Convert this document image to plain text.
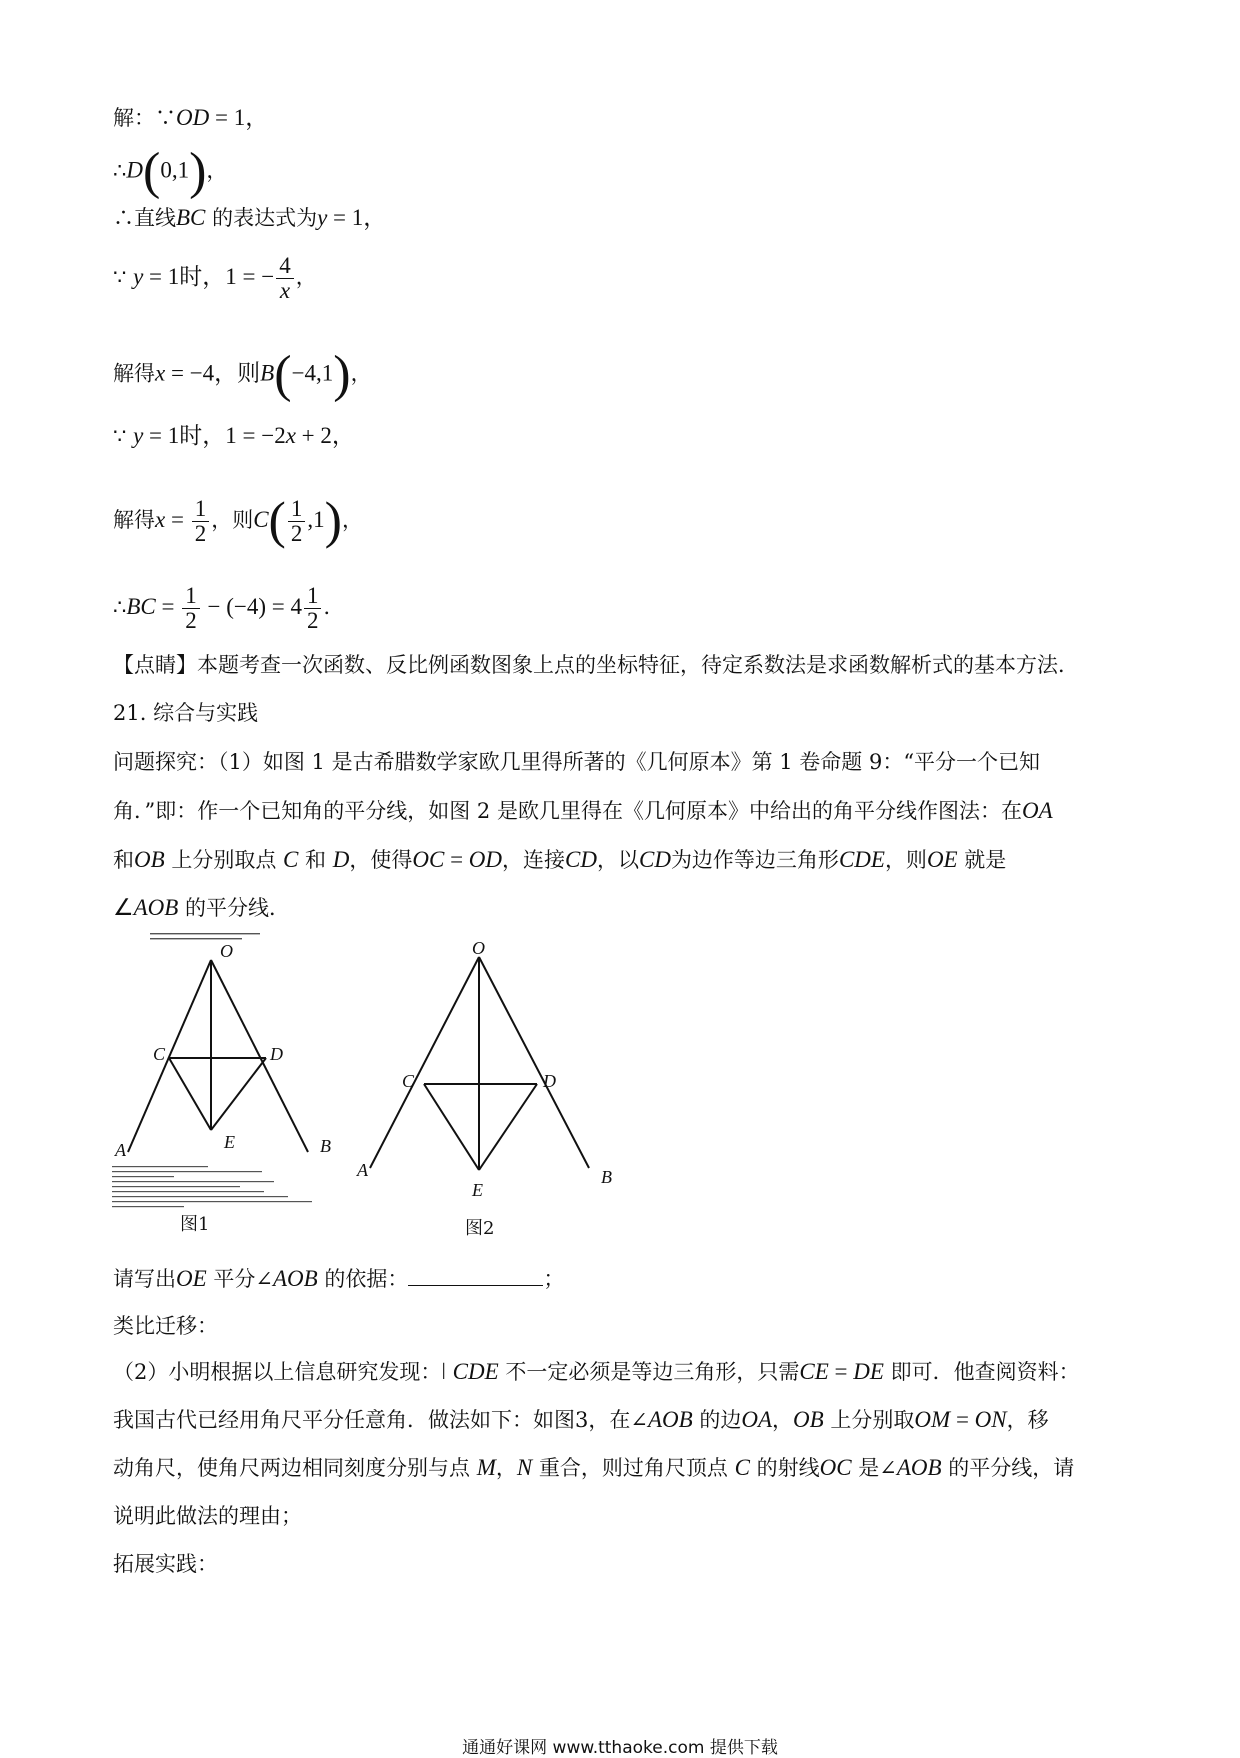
解：∵OD = 1，
∴D(0,1)，
∴直线BC 的表达式为y = 1，
∵ y = 1时，1 = − $\frac{4}{x}$ ，
解得x = −4，则B(−4,1)，
∵ y = 1时，1 = −2x + 2，
解得$x = \frac{1}{2}$ ，则$C( \frac{1}{2} ,1)$，
∴BC = $\frac{1}{2} - (-4) = 4 \frac{1}{2}$ ．
【点睛】本题考查一次函数、反比例函数图象上点的坐标特征，待定系数法是求函数解析式的基本方法．
21. 综合与实践
问题探究：（1）如图 1 是古希腊数学家欧几里得所著的《几何原本》第 1 卷命题 9：“平分一个已知
角．”即：作一个已知角的平分线，如图 2 是欧几里得在《几何原本》中给出的角平分线作图法：在OA
和OB 上分别取点 C 和 D，使得OC = OD，连接CD，以CD为边作等边三角形CDE，则OE 就是
∠AOB 的平分线．
O
C	D
A	E	B
图1
O
C	D
A
E
B
图2
请写出OE 平分∠AOB 的依据：	；
类比迁移：
（2）小明根据以上信息研究发现：ǀ CDE 不一定必须是等边三角形，只需CE = DE 即可．他查阅资料：
我国古代已经用角尺平分任意角．做法如下：如图3，在∠AOB 的边OA，OB 上分别取OM = ON，移
动角尺，使角尺两边相同刻度分别与点 M，N 重合，则过角尺顶点 C 的射线OC 是∠AOB 的平分线，请
说明此做法的理由；
拓展实践：
通通好课网 www.tthaoke.com 提供下载
